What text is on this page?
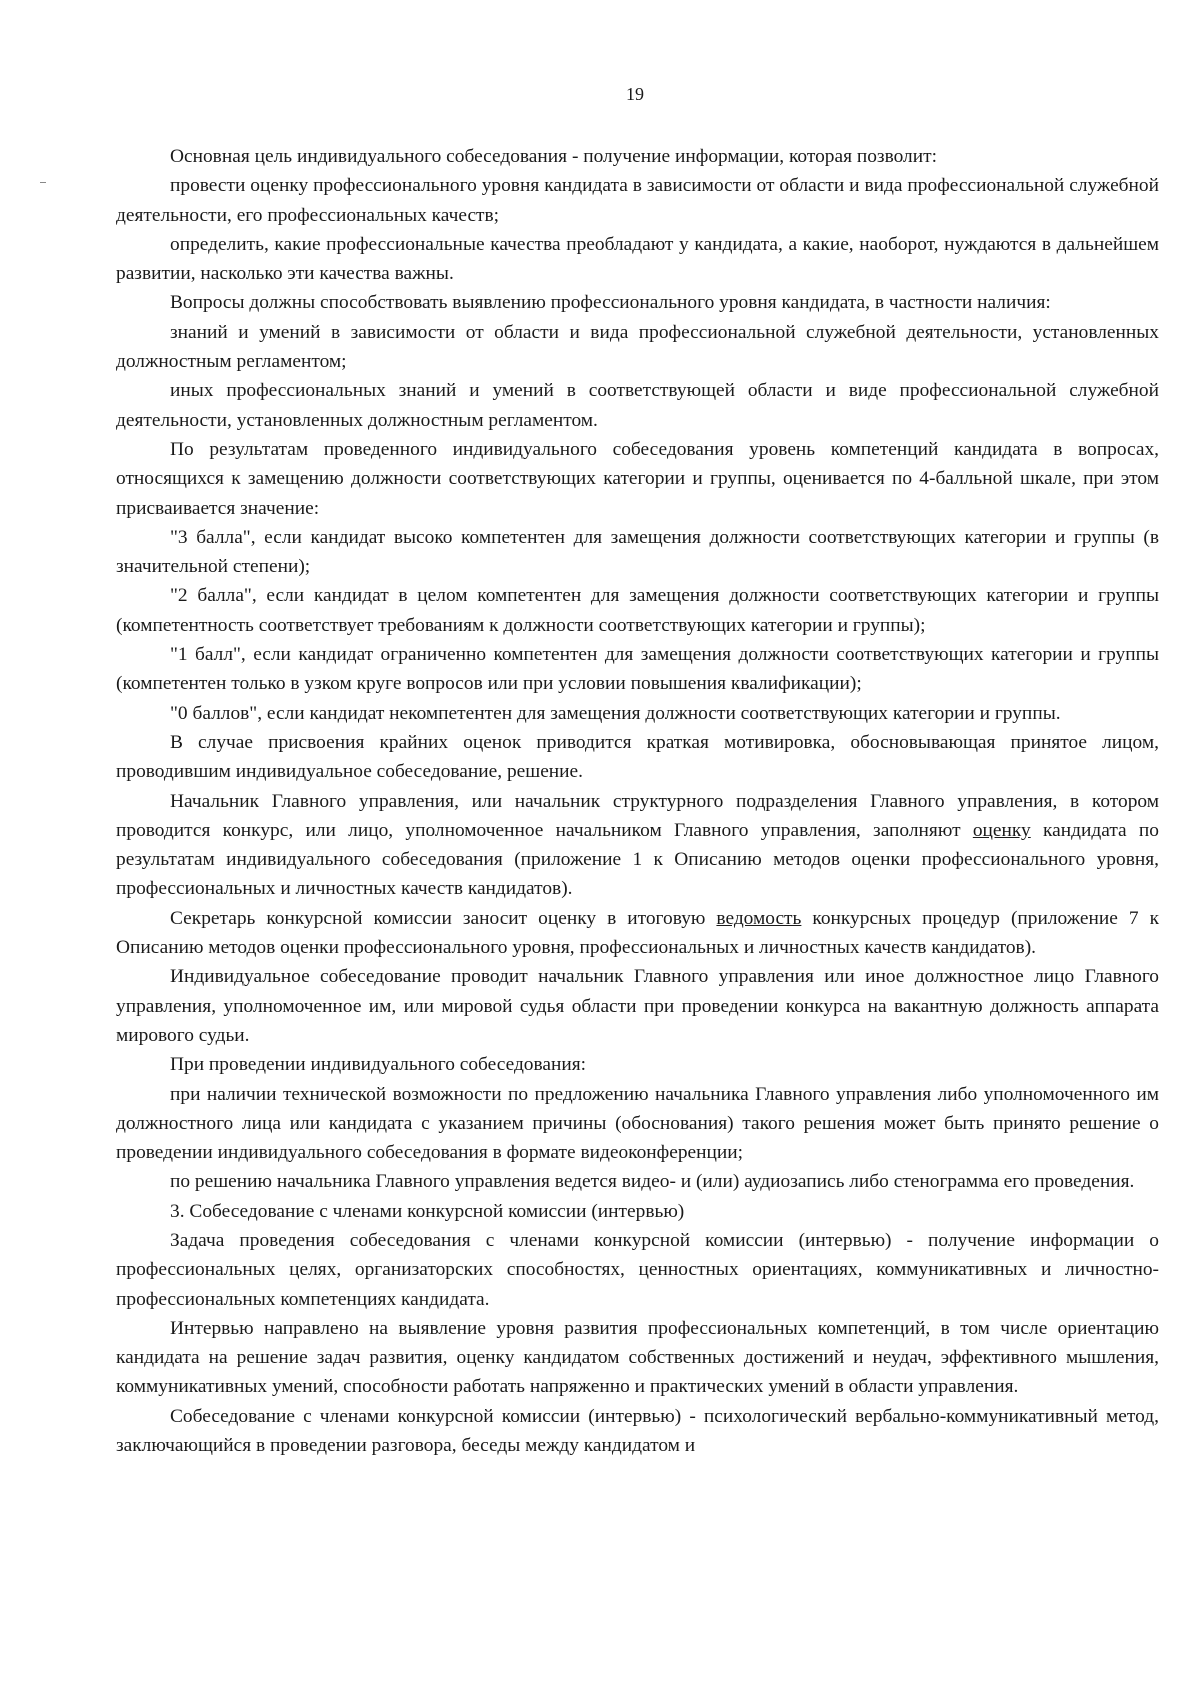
19

Основная цель индивидуального собеседования - получение информации, которая позволит:

провести оценку профессионального уровня кандидата в зависимости от области и вида профессиональной служебной деятельности, его профессиональных качеств;

определить, какие профессиональные качества преобладают у кандидата, а какие, наоборот, нуждаются в дальнейшем развитии, насколько эти качества важны.

Вопросы должны способствовать выявлению профессионального уровня кандидата, в частности наличия:

знаний и умений в зависимости от области и вида профессиональной служебной деятельности, установленных должностным регламентом;

иных профессиональных знаний и умений в соответствующей области и виде профессиональной служебной деятельности, установленных должностным регламентом.

По результатам проведенного индивидуального собеседования уровень компетенций кандидата в вопросах, относящихся к замещению должности соответствующих категории и группы, оценивается по 4-балльной шкале, при этом присваивается значение:

"3 балла", если кандидат высоко компетентен для замещения должности соответствующих категории и группы (в значительной степени);

"2 балла", если кандидат в целом компетентен для замещения должности соответствующих категории и группы (компетентность соответствует требованиям к должности соответствующих категории и группы);

"1 балл", если кандидат ограниченно компетентен для замещения должности соответствующих категории и группы (компетентен только в узком круге вопросов или при условии повышения квалификации);

"0 баллов", если кандидат некомпетентен для замещения должности соответствующих категории и группы.

В случае присвоения крайних оценок приводится краткая мотивировка, обосновывающая принятое лицом, проводившим индивидуальное собеседование, решение.

Начальник Главного управления, или начальник структурного подразделения Главного управления, в котором проводится конкурс, или лицо, уполномоченное начальником Главного управления, заполняют оценку кандидата по результатам индивидуального собеседования (приложение 1 к Описанию методов оценки профессионального уровня, профессиональных и личностных качеств кандидатов).

Секретарь конкурсной комиссии заносит оценку в итоговую ведомость конкурсных процедур (приложение 7 к Описанию методов оценки профессионального уровня, профессиональных и личностных качеств кандидатов).

Индивидуальное собеседование проводит начальник Главного управления или иное должностное лицо Главного управления, уполномоченное им, или мировой судья области при проведении конкурса на вакантную должность аппарата мирового судьи.

При проведении индивидуального собеседования:

при наличии технической возможности по предложению начальника Главного управления либо уполномоченного им должностного лица или кандидата с указанием причины (обоснования) такого решения может быть принято решение о проведении индивидуального собеседования в формате видеоконференции;

по решению начальника Главного управления ведется видео- и (или) аудиозапись либо стенограмма его проведения.

3. Собеседование с членами конкурсной комиссии (интервью)

Задача проведения собеседования с членами конкурсной комиссии (интервью) - получение информации о профессиональных целях, организаторских способностях, ценностных ориентациях, коммуникативных и личностно-профессиональных компетенциях кандидата.

Интервью направлено на выявление уровня развития профессиональных компетенций, в том числе ориентацию кандидата на решение задач развития, оценку кандидатом собственных достижений и неудач, эффективного мышления, коммуникативных умений, способности работать напряженно и практических умений в области управления.

Собеседование с членами конкурсной комиссии (интервью) - психологический вербально-коммуникативный метод, заключающийся в проведении разговора, беседы между кандидатом и
